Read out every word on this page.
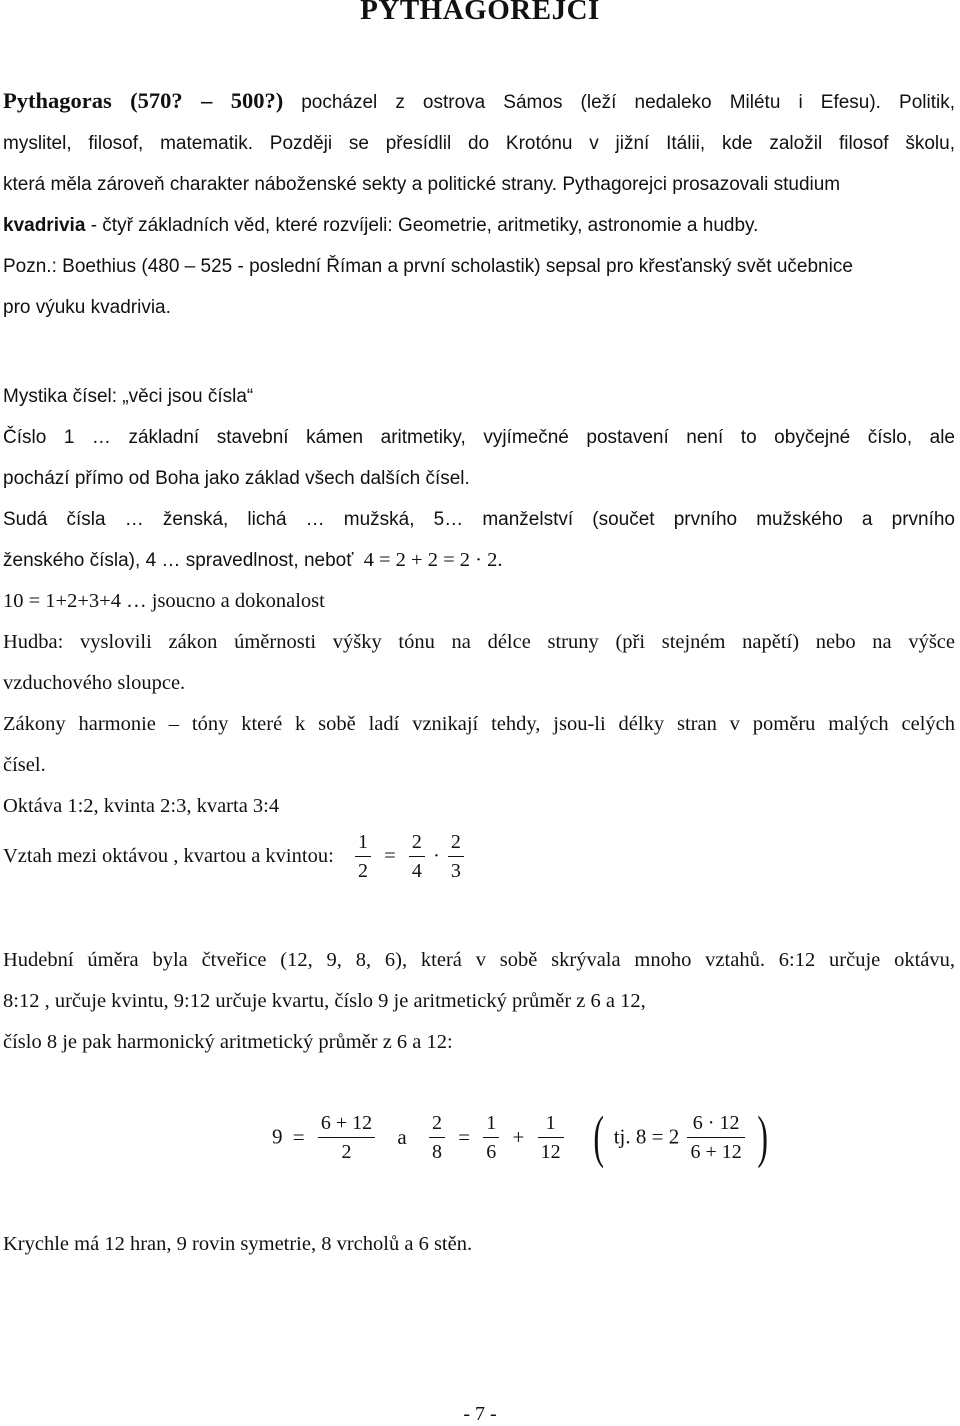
PYTHAGOREJCI
Pythagoras (570? – 500?) pocházel z ostrova Sámos (leží nedaleko Milétu i Efesu). Politik,
myslitel, filosof, matematik. Později se přesídlil do Krotónu v jižní Itálii, kde založil filosof školu,
která měla zároveň charakter náboženské sekty a politické strany. Pythagorejci prosazovali studium
kvadrivia - čtyř základních věd, které rozvíjeli: Geometrie, aritmetiky, astronomie a hudby.
Pozn.: Boethius (480 – 525 - poslední Říman a první scholastik) sepsal pro křesťanský svět učebnice
pro výuku kvadrivia.
Mystika čísel: „věci jsou čísla“
Číslo 1 … základní stavební kámen aritmetiky, vyjímečné postavení není to obyčejné číslo, ale
pochází přímo od Boha jako základ všech dalších čísel.
Sudá čísla … ženská, lichá … mužská, 5… manželství (součet prvního mužského a prvního
ženského čísla), 4 … spravedlnost, neboť 4 = 2 + 2 = 2 · 2.
10 = 1+2+3+4 … jsoucno a dokonalost
Hudba: vyslovili zákon úměrnosti výšky tónu na délce struny (při stejném napětí) nebo na výšce
vzduchového sloupce.
Zákony harmonie – tóny které k sobě ladí vznikají tehdy, jsou-li délky stran v poměru malých celých
čísel.
Oktáva 1:2, kvinta 2:3, kvarta 3:4
Vztah mezi oktávou , kvartou a kvintou: $\frac{1}{2} = \frac{2}{4} \cdot \frac{2}{3}$
Hudební úměra byla čtveřice (12, 9, 8, 6), která v sobě skrývala mnoho vztahů. 6:12 určuje oktávu,
8:12 , určuje kvintu, 9:12 určuje kvartu, číslo 9 je aritmetický průměr z 6 a 12,
číslo 8 je pak harmonický aritmetický průměr z 6 a 12:
$9 = \frac{6 + 12}{2}$ a $\frac{2}{8} = \frac{1}{6} + \frac{1}{12}$ ( tj. $8 = 2 \frac{6 \cdot 12}{6 + 12}$ )
Krychle má 12 hran, 9 rovin symetrie, 8 vrcholů a 6 stěn.
- 7 -
